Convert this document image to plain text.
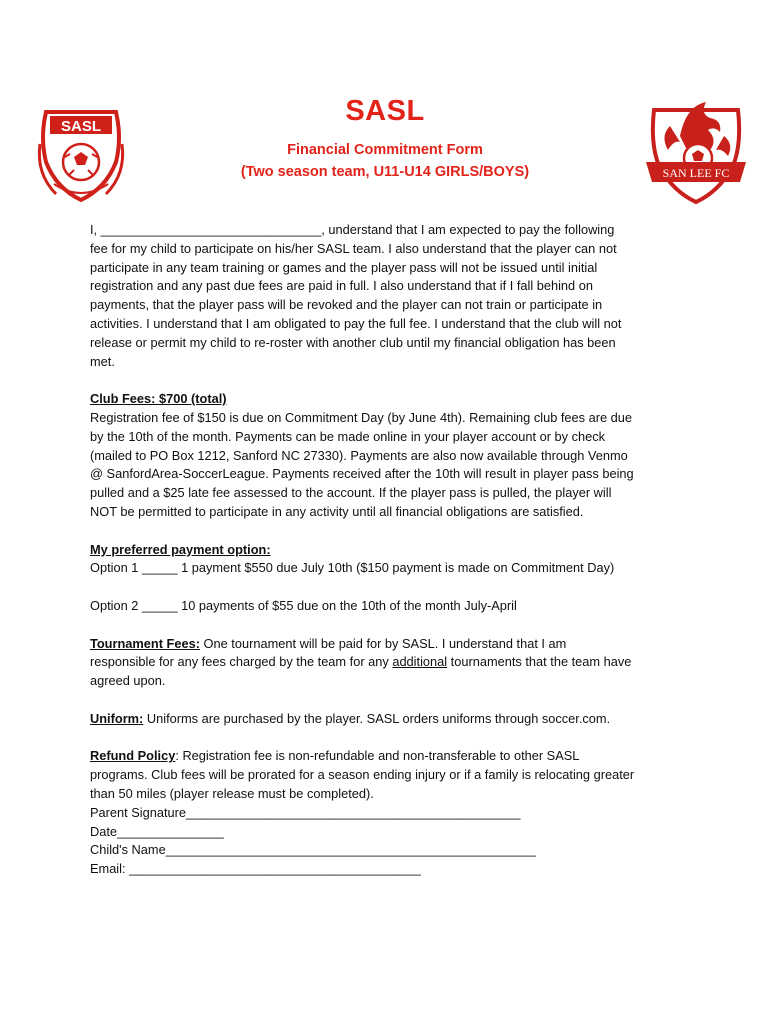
SASL	SASL
Financial Commitment Form
(Two season team, U11-U14 GIRLS/BOYS)	SAN LEE FC

I, _______________________________, understand that I am expected to pay the following

fee for my child to participate on his/her SASL team. I also understand that the player can not

participate in any team training or games and the player pass will not be issued until initial

registration and any past due fees are paid in full. I also understand that if I fall behind on

payments, that the player pass will be revoked and the player can not train or participate in

activities. I understand that I am obligated to pay the full fee. I understand that the club will not

release or permit my child to re-roster with another club until my financial obligation has been

met.

Club Fees: $700 (total)

Registration fee of $150 is due on Commitment Day (by June 4th). Remaining club fees are due

by the 10th of the month. Payments can be made online in your player account or by check

(mailed to PO Box 1212, Sanford NC 27330). Payments are also now available through Venmo

@ SanfordArea-SoccerLeague. Payments received after the 10th will result in player pass being

pulled and a $25 late fee assessed to the account. If the player pass is pulled, the player will

NOT be permitted to participate in any activity until all financial obligations are satisfied.

My preferred payment option:

Option 1 _____ 1 payment $550 due July 10th ($150 payment is made on Commitment Day)

Option 2 _____ 10 payments of $55 due on the 10th of the month July-April

Tournament Fees: One tournament will be paid for by SASL. I understand that I am

responsible for any fees charged by the team for any additional tournaments that the team have

agreed upon.

Uniform: Uniforms are purchased by the player. SASL orders uniforms through soccer.com.

Refund Policy: Registration fee is non-refundable and non-transferable to other SASL

programs. Club fees will be prorated for a season ending injury or if a family is relocating greater

than 50 miles (player release must be completed).

Parent Signature_______________________________________________

Date_______________

Child's Name____________________________________________________

Email: _________________________________________
